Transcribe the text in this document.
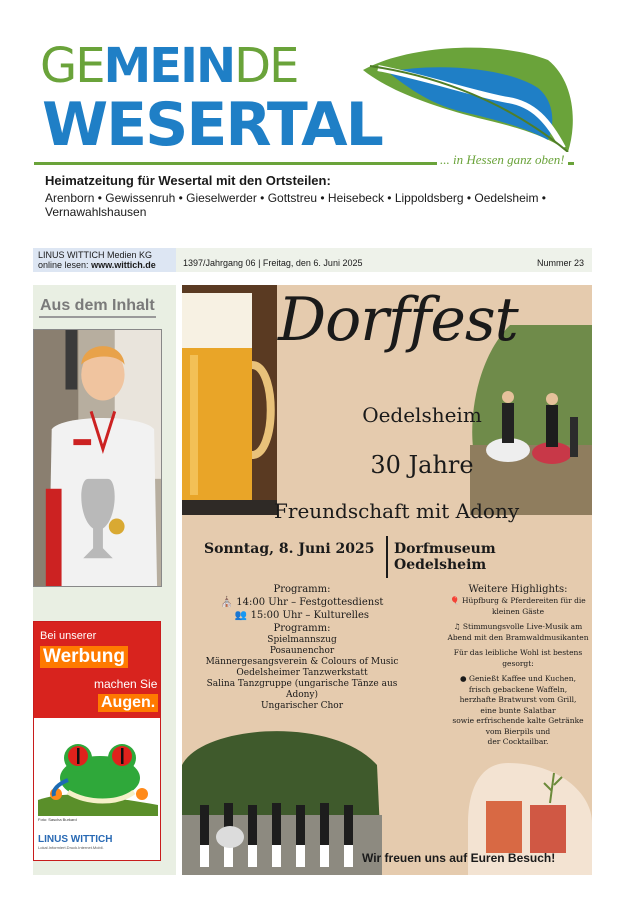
GEMEINDE
WESERTAL	... in Hessen ganz oben!
Heimatzeitung für Wesertal mit den Ortsteilen:
Arenborn • Gewissenruh • Gieselwerder • Gottstreu • Heisebeck • Lippoldsberg • Oedelsheim • Vernawahlshausen
LINUS WITTICH Medien KG
online lesen: www.wittich.de	1397/Jahrgang 06 | Freitag, den 6. Juni 2025	Nummer 23
Aus dem Inhalt
Bei unserer
Werbung
machen Sie
Augen.
Foto: Sascha Burkard
LINUS WITTICH
Lokal.Informiert.Druck.Internet.Mobil.
Dorffest
Oedelsheim
30 Jahre
Freundschaft mit Adony
Sonntag, 8. Juni 2025 Dorfmuseum Oedelsheim
Programm:
⛪ 14:00 Uhr – Festgottesdienst
👥 15:00 Uhr – Kulturelles
Programm:
Spielmannszug
Posaunenchor
Männergesangsverein & Colours of Music
Oedelsheimer Tanzwerkstatt
Salina Tanzgruppe (ungarische Tänze aus
Adony)
Ungarischer Chor
Weitere Highlights:

🎈 Hüpfburg & Pferdereiten für die
kleinen Gäste

♫ Stimmungsvolle Live-Musik am
Abend mit den Bramwaldmusikanten

Für das leibliche Wohl ist bestens
gesorgt:

● Genießt Kaffee und Kuchen,
frisch gebackene Waffeln,
herzhafte Bratwurst vom Grill,
eine bunte Salatbar
sowie erfrischende kalte Getränke
vom Bierpils und
der Cocktailbar.
Wir freuen uns auf Euren Besuch!
